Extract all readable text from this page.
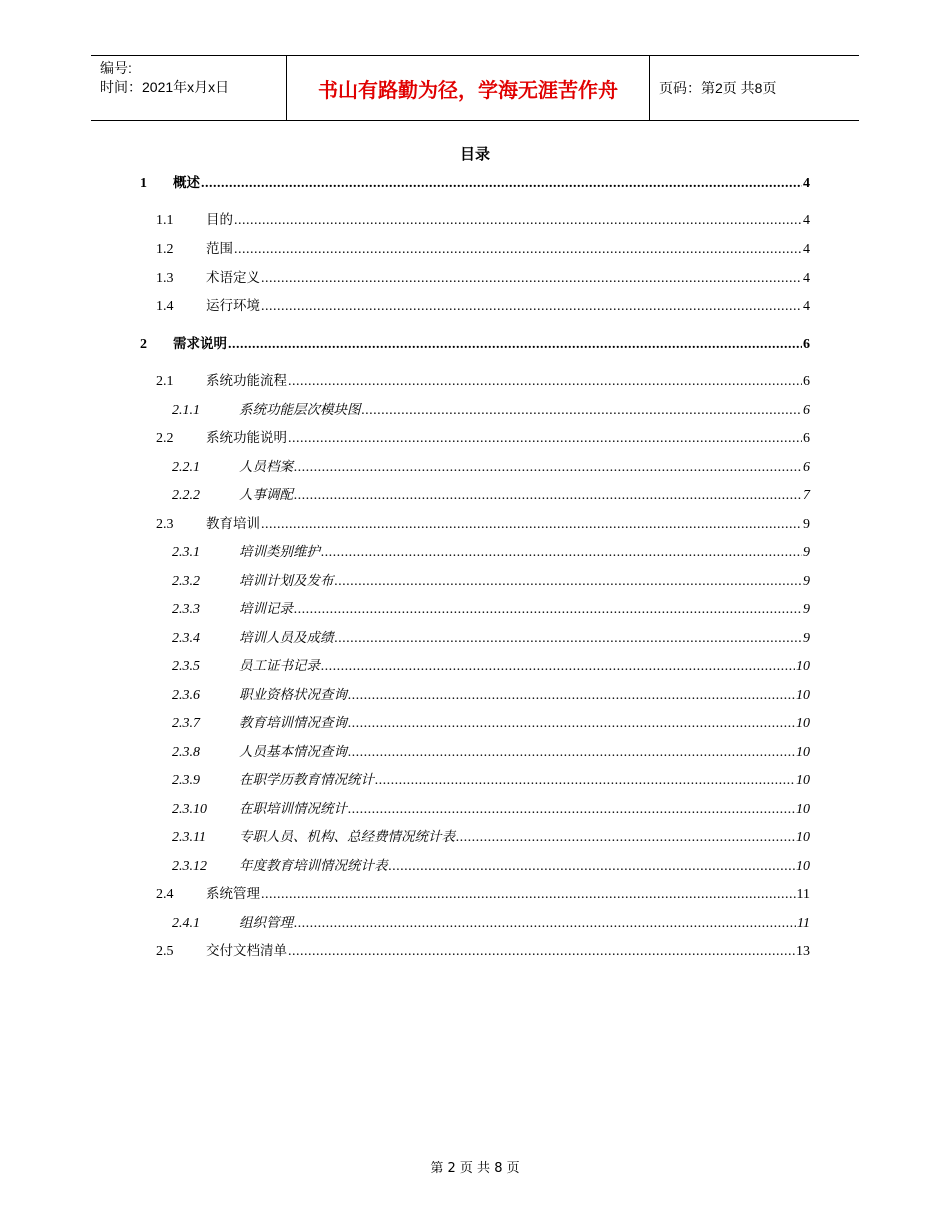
编号:
时间：2021年x月x日	书山有路勤为径，学海无涯苦作舟	页码：第2页 共8页
目录
1	概述 .....	4
1.1	目的 .....	4
1.2	范围 .....	4
1.3	术语定义 .....	4
1.4	运行环境 .....	4
2	需求说明 .....	6
2.1	系统功能流程 .....	6
2.1.1	系统功能层次模块图 .....	6
2.2	系统功能说明 .....	6
2.2.1	人员档案 .....	6
2.2.2	人事调配 .....	7
2.3	教育培训 .....	9
2.3.1	培训类别维护 .....	9
2.3.2	培训计划及发布 .....	9
2.3.3	培训记录 .....	9
2.3.4	培训人员及成绩 .....	9
2.3.5	员工证书记录 .....	10
2.3.6	职业资格状况查询 .....	10
2.3.7	教育培训情况查询 .....	10
2.3.8	人员基本情况查询 .....	10
2.3.9	在职学历教育情况统计 .....	10
2.3.10	在职培训情况统计 .....	10
2.3.11	专职人员、机构、总经费情况统计表 .....	10
2.3.12	年度教育培训情况统计表 .....	10
2.4	系统管理 .....	11
2.4.1	组织管理 .....	11
2.5	交付文档清单 .....	13
第 2 页 共 8 页
